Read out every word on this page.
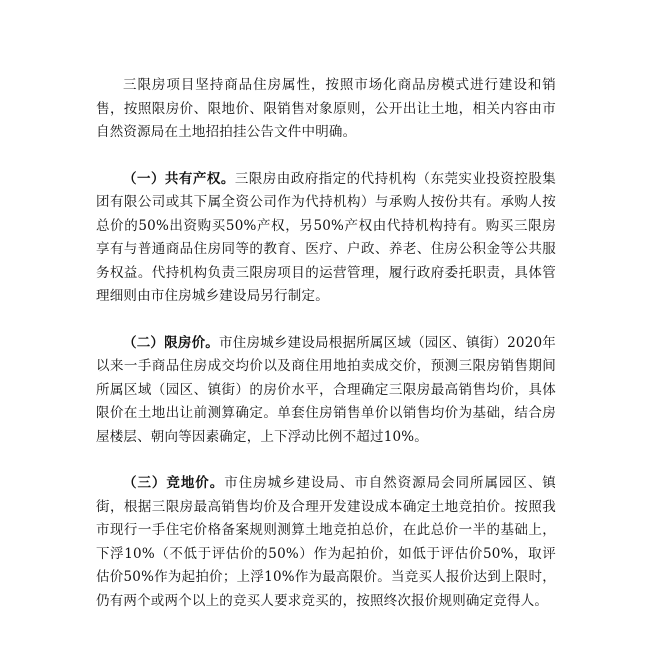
三限房项目坚持商品住房属性，按照市场化商品房模式进行建设和销售，按照限房价、限地价、限销售对象原则，公开出让土地，相关内容由市自然资源局在土地招拍挂公告文件中明确。

（一）共有产权。三限房由政府指定的代持机构（东莞实业投资控股集团有限公司或其下属全资公司作为代持机构）与承购人按份共有。承购人按总价的50%出资购买50%产权，另50%产权由代持机构持有。购买三限房享有与普通商品住房同等的教育、医疗、户政、养老、住房公积金等公共服务权益。代持机构负责三限房项目的运营管理，履行政府委托职责，具体管理细则由市住房城乡建设局另行制定。

（二）限房价。市住房城乡建设局根据所属区域（园区、镇街）2020年以来一手商品住房成交均价以及商住用地拍卖成交价，预测三限房销售期间所属区域（园区、镇街）的房价水平，合理确定三限房最高销售均价，具体限价在土地出让前测算确定。单套住房销售单价以销售均价为基础，结合房屋楼层、朝向等因素确定，上下浮动比例不超过10%。

（三）竞地价。市住房城乡建设局、市自然资源局会同所属园区、镇街，根据三限房最高销售均价及合理开发建设成本确定土地竞拍价。按照我市现行一手住宅价格备案规则测算土地竞拍总价，在此总价一半的基础上，下浮10%（不低于评估价的50%）作为起拍价，如低于评估价50%，取评估价50%作为起拍价；上浮10%作为最高限价。当竞买人报价达到上限时，仍有两个或两个以上的竞买人要求竞买的，按照终次报价规则确定竞得人。
